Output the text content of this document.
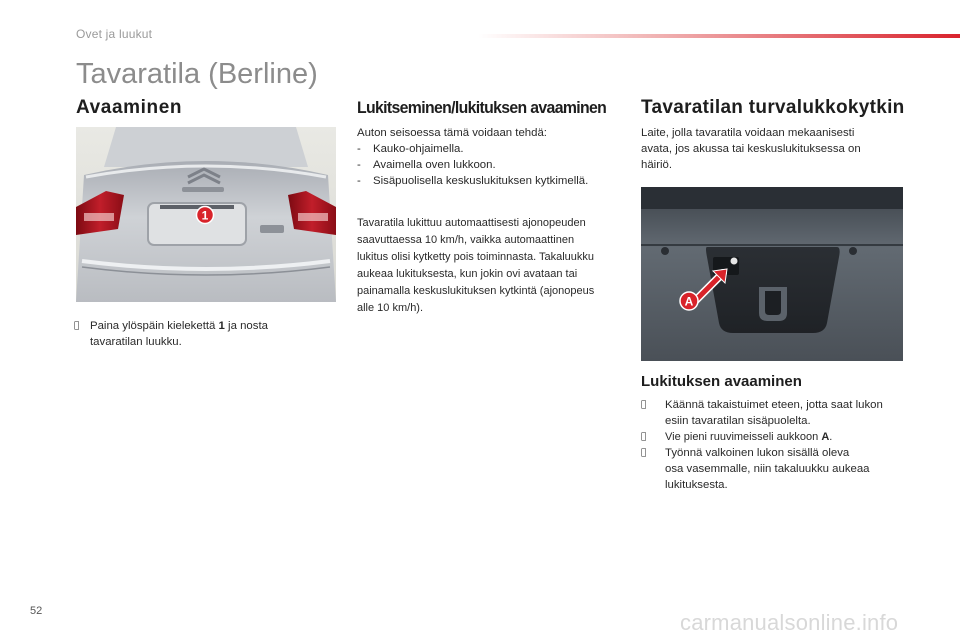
Ovet ja luukut
Tavaratila (Berline)
Avaaminen
1
Paina ylöspäin kielekettä 1 ja nosta
tavaratilan luukku.
Lukitseminen/lukituksen avaaminen
Auton seisoessa tämä voidaan tehdä:
- Kauko-ohjaimella.
- Avaimella oven lukkoon.
- Sisäpuolisella keskuslukituksen kytkimellä.
Tavaratila lukittuu automaattisesti ajonopeuden
saavuttaessa 10 km/h, vaikka automaattinen
lukitus olisi kytketty pois toiminnasta. Takaluukku
aukeaa lukituksesta, kun jokin ovi avataan tai
painamalla keskuslukituksen kytkintä (ajonopeus
alle 10 km/h).
Tavaratilan turvalukkokytkin
Laite, jolla tavaratila voidaan mekaanisesti
avata, jos akussa tai keskuslukituksessa on
häiriö.
A
Lukituksen avaaminen
Käännä takaistuimet eteen, jotta saat lukon
esiin tavaratilan sisäpuolelta.
Vie pieni ruuvimeisseli aukkoon A.
Työnnä valkoinen lukon sisällä oleva
osa vasemmalle, niin takaluukku aukeaa
lukituksesta.
52	carmanualsonline.info
